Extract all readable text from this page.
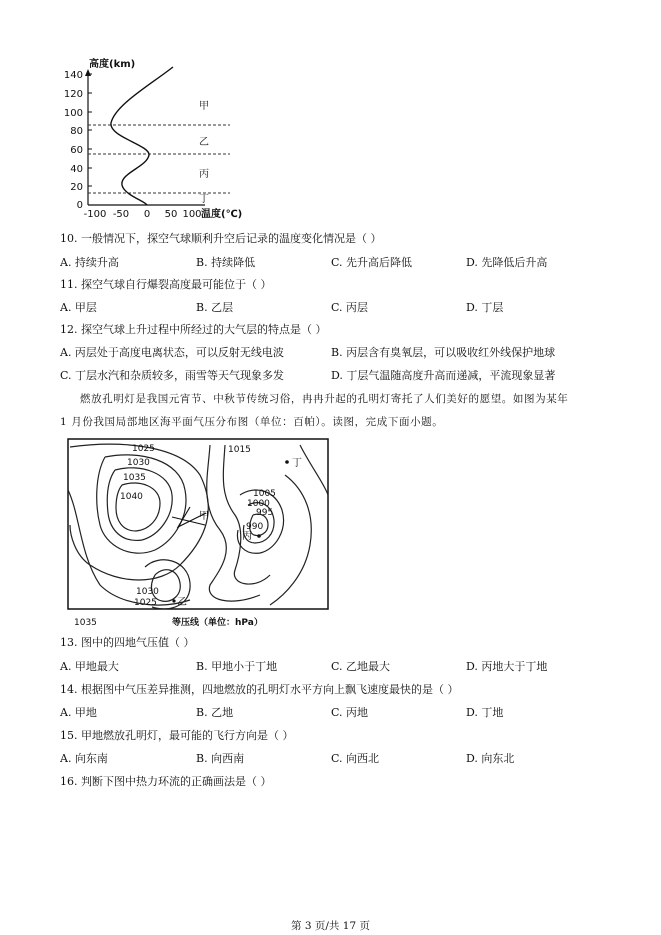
140
120
100
80
60
40
20
0
高度(km)
-100 -50 0 50 100 温度(℃)
甲
乙
丙
丁
10. 一般情况下，探空气球顺利升空后记录的温度变化情况是（ ）
A. 持续升高	B. 持续降低	C. 先升高后降低	D. 先降低后升高
11. 探空气球自行爆裂高度最可能位于（ ）
A. 甲层	B. 乙层	C. 丙层	D. 丁层
12. 探空气球上升过程中所经过的大气层的特点是（ ）
A. 丙层处于高度电离状态，可以反射无线电波	B. 丙层含有臭氧层，可以吸收红外线保护地球
C. 丁层水汽和杂质较多，雨雪等天气现象多发	D. 丁层气温随高度升高而递减，平流现象显著
燃放孔明灯是我国元宵节、中秋节传统习俗，冉冉升起的孔明灯寄托了人们美好的愿望。如图为某年
1 月份我国局部地区海平面气压分布图（单位：百帕）。读图，完成下面小题。
1025
1030
1035
1040
1015
1005
1000
995
990
1030
1025
1035
丁
甲
丙
乙
等压线（单位：hPa）
13. 图中的四地气压值（ ）
A. 甲地最大	B. 甲地小于丁地	C. 乙地最大	D. 丙地大于丁地
14. 根据图中气压差异推测，四地燃放的孔明灯水平方向上飘飞速度最快的是（ ）
A. 甲地	B. 乙地	C. 丙地	D. 丁地
15. 甲地燃放孔明灯，最可能的飞行方向是（ ）
A. 向东南	B. 向西南	C. 向西北	D. 向东北
16. 判断下图中热力环流的正确画法是（ ）
第 3 页/共 17 页
